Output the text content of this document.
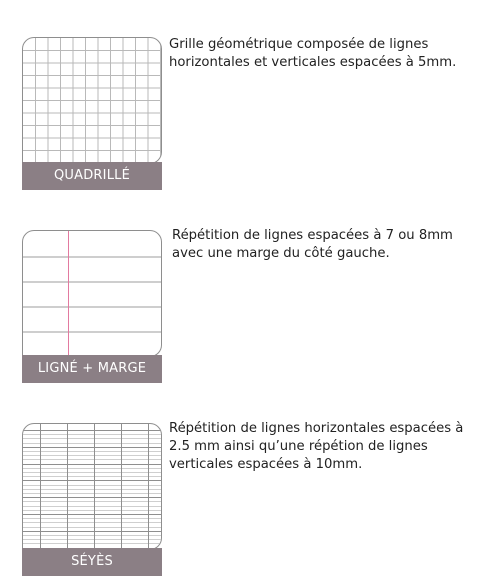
QUADRILLÉ
Grille géométrique composée de lignes horizontales et verticales espacées à 5mm.
LIGNÉ + MARGE
Répétition de lignes espacées à 7 ou 8mm avec une marge du côté gauche.
SÉYÈS
Répétition de lignes horizontales espacées à 2.5 mm ainsi qu’une répétion de lignes verticales espacées à 10mm.
